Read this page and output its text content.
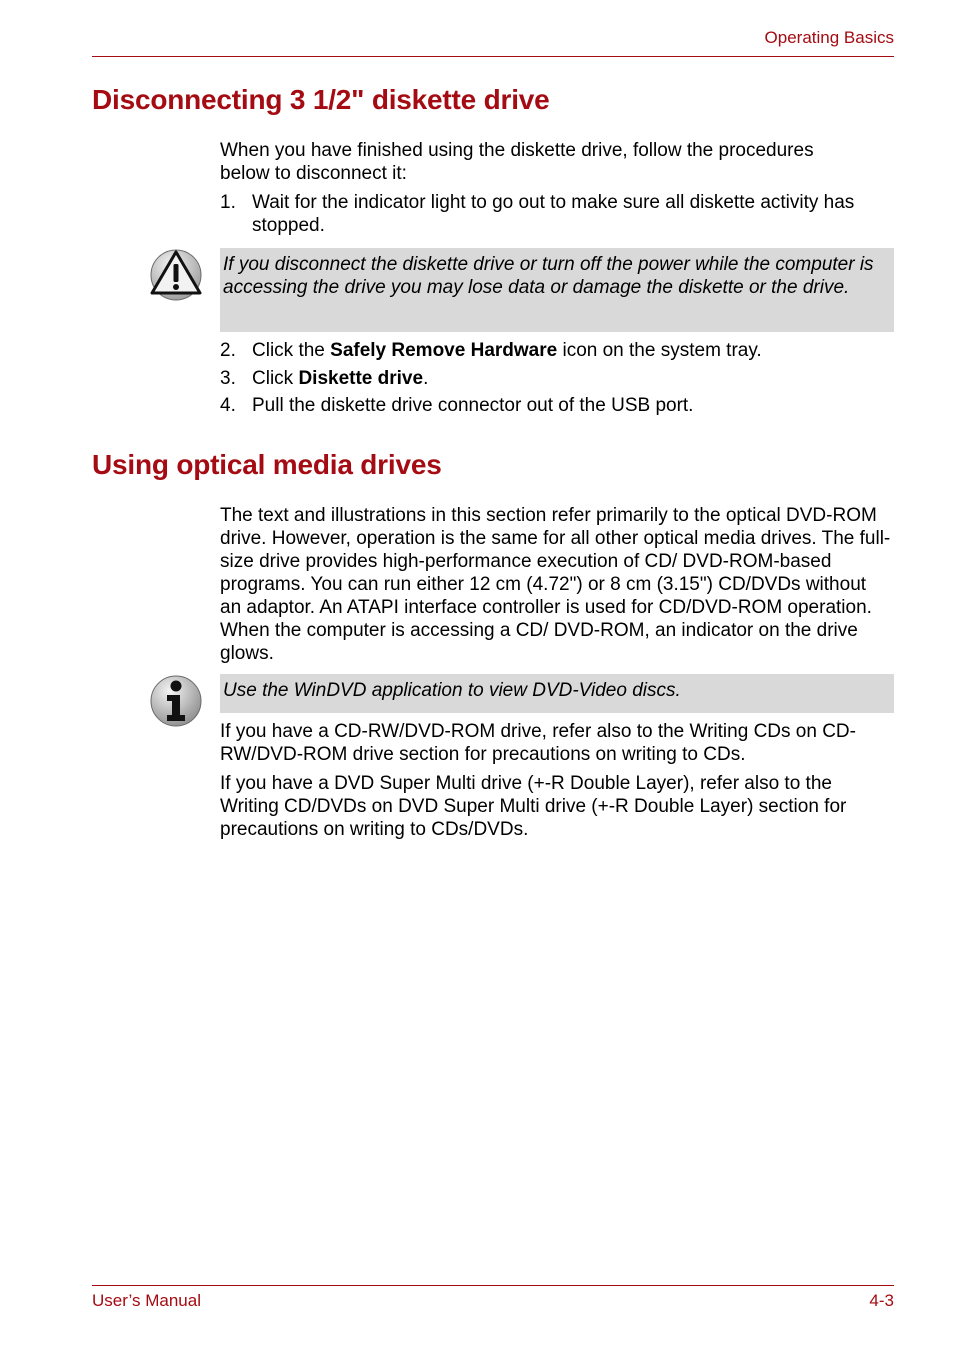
Operating Basics
Disconnecting 3 1/2" diskette drive

When you have finished using the diskette drive, follow the procedures below to disconnect it:

1. Wait for the indicator light to go out to make sure all diskette activity has stopped.
If you disconnect the diskette drive or turn off the power while the computer is accessing the drive you may lose data or damage the diskette or the drive.
2. Click the Safely Remove Hardware icon on the system tray.
3. Click Diskette drive.
4. Pull the diskette drive connector out of the USB port.
Using optical media drives

The text and illustrations in this section refer primarily to the optical DVD-ROM drive. However, operation is the same for all other optical media drives. The full-size drive provides high-performance execution of CD/ DVD-ROM-based programs. You can run either 12 cm (4.72") or 8 cm (3.15") CD/DVDs without an adaptor. An ATAPI interface controller is used for CD/DVD-ROM operation. When the computer is accessing a CD/ DVD-ROM, an indicator on the drive glows.

Use the WinDVD application to view DVD-Video discs.

If you have a CD-RW/DVD-ROM drive, refer also to the Writing CDs on CD-RW/DVD-ROM drive section for precautions on writing to CDs.

If you have a DVD Super Multi drive (+-R Double Layer), refer also to the Writing CD/DVDs on DVD Super Multi drive (+-R Double Layer) section for precautions on writing to CDs/DVDs.

User’s Manual	4-3
